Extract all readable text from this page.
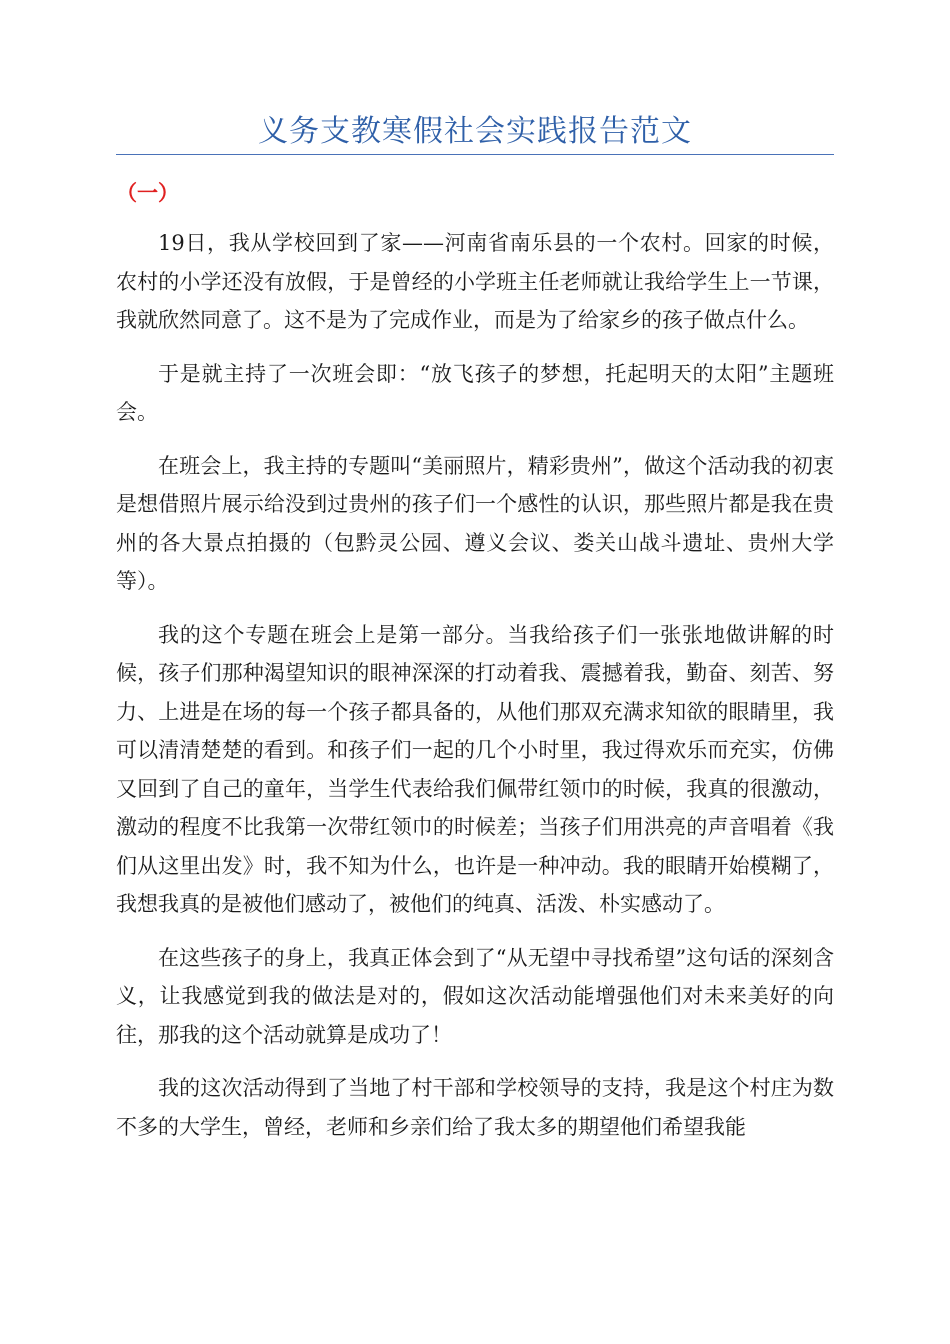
义务支教寒假社会实践报告范文
（一）

19日，我从学校回到了家——河南省南乐县的一个农村。回家的时候，农村的小学还没有放假，于是曾经的小学班主任老师就让我给学生上一节课，我就欣然同意了。这不是为了完成作业，而是为了给家乡的孩子做点什么。

于是就主持了一次班会即：“放飞孩子的梦想，托起明天的太阳”主题班会。

在班会上，我主持的专题叫“美丽照片，精彩贵州”，做这个活动我的初衷是想借照片展示给没到过贵州的孩子们一个感性的认识，那些照片都是我在贵州的各大景点拍摄的（包黔灵公园、遵义会议、娄关山战斗遗址、贵州大学等）。

我的这个专题在班会上是第一部分。当我给孩子们一张张地做讲解的时候，孩子们那种渴望知识的眼神深深的打动着我、震撼着我，勤奋、刻苦、努力、上进是在场的每一个孩子都具备的，从他们那双充满求知欲的眼睛里，我可以清清楚楚的看到。和孩子们一起的几个小时里，我过得欢乐而充实，仿佛又回到了自己的童年，当学生代表给我们佩带红领巾的时候，我真的很激动，激动的程度不比我第一次带红领巾的时候差；当孩子们用洪亮的声音唱着《我们从这里出发》时，我不知为什么，也许是一种冲动。我的眼睛开始模糊了，我想我真的是被他们感动了，被他们的纯真、活泼、朴实感动了。

在这些孩子的身上，我真正体会到了“从无望中寻找希望”这句话的深刻含义，让我感觉到我的做法是对的，假如这次活动能增强他们对未来美好的向往，那我的这个活动就算是成功了！

我的这次活动得到了当地了村干部和学校领导的支持，我是这个村庄为数不多的大学生，曾经，老师和乡亲们给了我太多的期望他们希望我能
